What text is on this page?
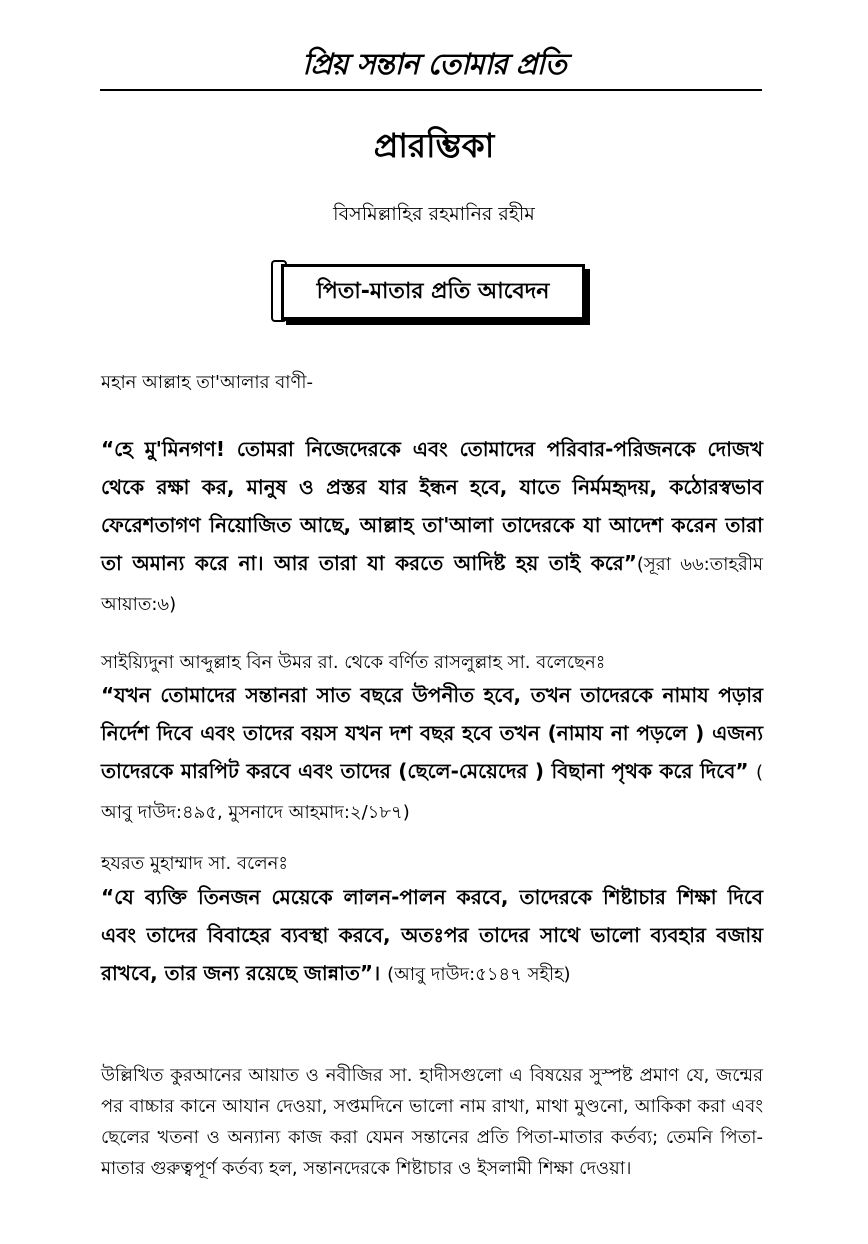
প্রিয় সন্তান তোমার প্রতি
প্রারম্ভিকা
বিসমিল্লাহির রহমানির রহীম
পিতা-মাতার প্রতি আবেদন

মহান আল্লাহ তা'আলার বাণী-

“হে মু'মিনগণ! তোমরা নিজেদেরকে এবং তোমাদের পরিবার-পরিজনকে দোজখ থেকে রক্ষা কর, মানুষ ও প্রস্তর যার ইন্ধন হবে, যাতে নির্মমহৃদয়, কঠোরস্বভাব ফেরেশতাগণ নিয়োজিত আছে, আল্লাহ তা'আলা তাদেরকে যা আদেশ করেন তারা তা অমান্য করে না। আর তারা যা করতে আদিষ্ট হয় তাই করে”(সূরা ৬৬:তাহরীম আয়াত:৬)

সাইয়্যিদুনা আব্দুল্লাহ বিন উমর রা. থেকে বর্ণিত রাসলুল্লাহ সা. বলেছেনঃ

“যখন তোমাদের সন্তানরা সাত বছরে উপনীত হবে, তখন তাদেরকে নামায পড়ার নির্দেশ দিবে এবং তাদের বয়স যখন দশ বছর হবে তখন (নামায না পড়লে ) এজন্য তাদেরকে মারপিট করবে এবং তাদের (ছেলে-মেয়েদের ) বিছানা পৃথক করে দিবে” ( আবু দাউদ:৪৯৫, মুসনাদে আহমাদ:২/১৮৭)

হযরত মুহাম্মাদ সা. বলেনঃ

“যে ব্যক্তি তিনজন মেয়েকে লালন-পালন করবে, তাদেরকে শিষ্টাচার শিক্ষা দিবে এবং তাদের বিবাহের ব্যবস্থা করবে, অতঃপর তাদের সাথে ভালো ব্যবহার বজায় রাখবে, তার জন্য রয়েছে জান্নাত”। (আবু দাউদ:৫১৪৭ সহীহ)

উল্লিখিত কুরআনের আয়াত ও নবীজির সা. হাদীসগুলো এ বিষয়ের সুস্পষ্ট প্রমাণ যে, জন্মের পর বাচ্চার কানে আযান দেওয়া, সপ্তমদিনে ভালো নাম রাখা, মাথা মুণ্ডনো, আকিকা করা এবং ছেলের খতনা ও অন্যান্য কাজ করা যেমন সন্তানের প্রতি পিতা-মাতার কর্তব্য; তেমনি পিতা-মাতার গুরুত্বপূর্ণ কর্তব্য হল, সন্তানদেরকে শিষ্টাচার ও ইসলামী শিক্ষা দেওয়া।
